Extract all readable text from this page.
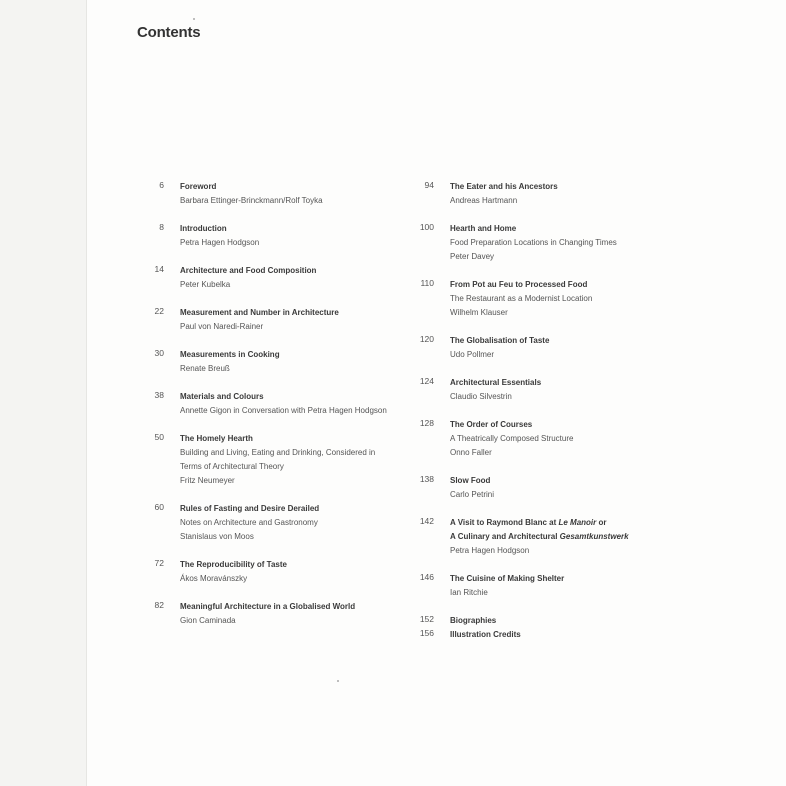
Contents
6 Foreword
Barbara Ettinger-Brinckmann/Rolf Toyka
8 Introduction
Petra Hagen Hodgson
14 Architecture and Food Composition
Peter Kubelka
22 Measurement and Number in Architecture
Paul von Naredi-Rainer
30 Measurements in Cooking
Renate Breuß
38 Materials and Colours
Annette Gigon in Conversation with Petra Hagen Hodgson
50 The Homely Hearth
Building and Living, Eating and Drinking, Considered in
Terms of Architectural Theory
Fritz Neumeyer
60 Rules of Fasting and Desire Derailed
Notes on Architecture and Gastronomy
Stanislaus von Moos
72 The Reproducibility of Taste
Ákos Moravánszky
82 Meaningful Architecture in a Globalised World
Gion Caminada
94 The Eater and his Ancestors
Andreas Hartmann
100 Hearth and Home
Food Preparation Locations in Changing Times
Peter Davey
110 From Pot au Feu to Processed Food
The Restaurant as a Modernist Location
Wilhelm Klauser
120 The Globalisation of Taste
Udo Pollmer
124 Architectural Essentials
Claudio Silvestrin
128 The Order of Courses
A Theatrically Composed Structure
Onno Faller
138 Slow Food
Carlo Petrini
142 A Visit to Raymond Blanc at Le Manoir or
A Culinary and Architectural Gesamtkunstwerk
Petra Hagen Hodgson
146 The Cuisine of Making Shelter
Ian Ritchie
152 Biographies
156 Illustration Credits
